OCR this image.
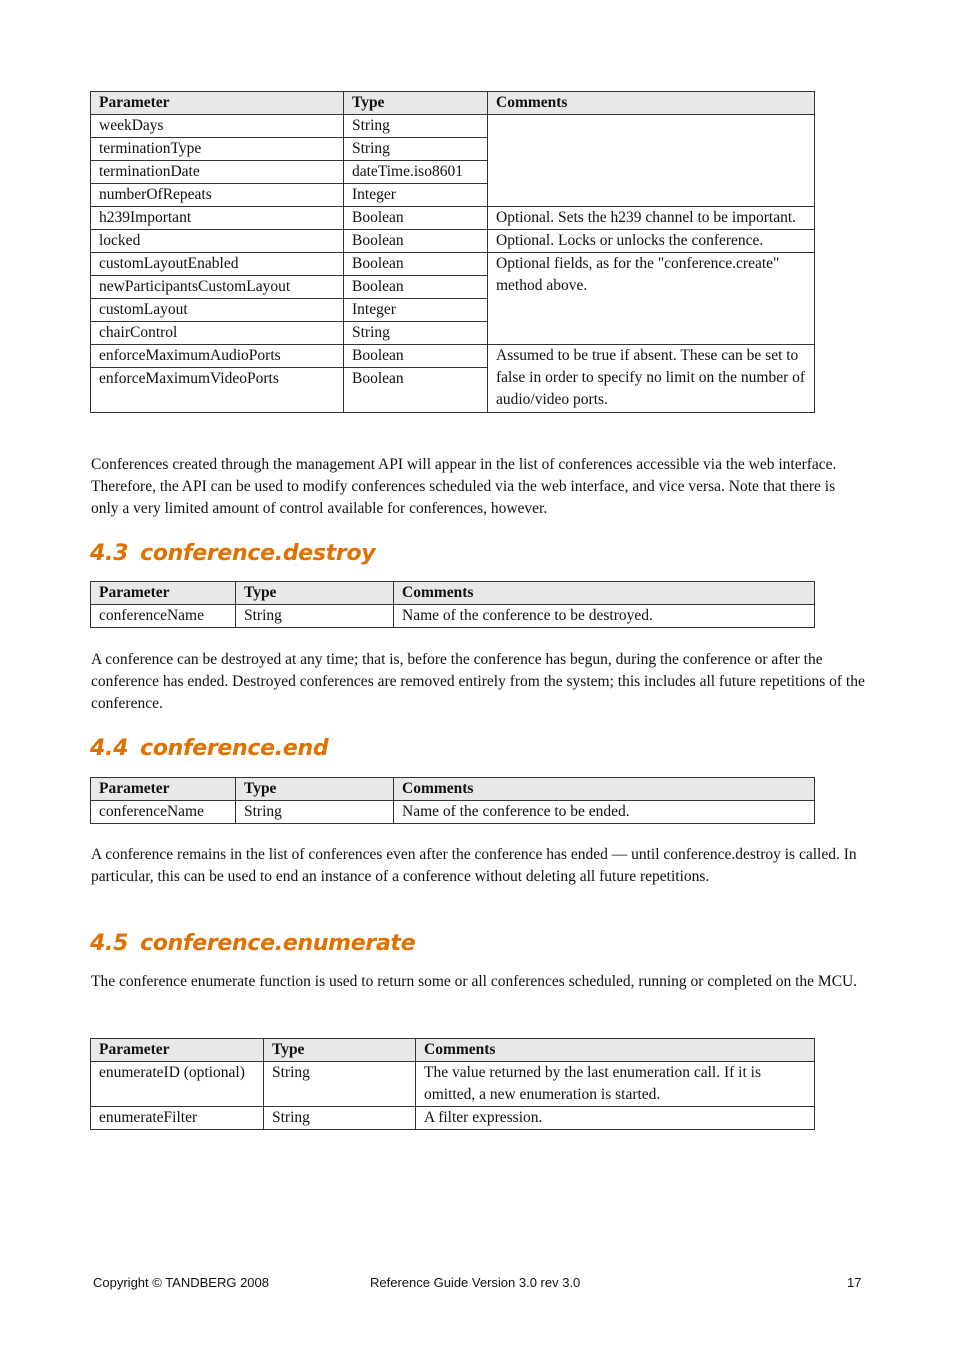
Parameter	Type	Comments
weekDays	String	
terminationType	String	
terminationDate	dateTime.iso8601	
numberOfRepeats	Integer	
h239Important	Boolean	Optional. Sets the h239 channel to be important.
locked	Boolean	Optional. Locks or unlocks the conference.
customLayoutEnabled	Boolean	Optional fields, as for the "conference.create" method above.
newParticipantsCustomLayout	Boolean	
customLayout	Integer	
chairControl	String	
enforceMaximumAudioPorts	Boolean	Assumed to be true if absent. These can be set to false in order to specify no limit on the number of audio/video ports.
enforceMaximumVideoPorts	Boolean	

Conferences created through the management API will appear in the list of conferences accessible via the web interface. Therefore, the API can be used to modify conferences scheduled via the web interface, and vice versa. Note that there is only a very limited amount of control available for conferences, however.

4.3 conference.destroy
Parameter	Type	Comments
conferenceName	String	Name of the conference to be destroyed.

A conference can be destroyed at any time; that is, before the conference has begun, during the conference or after the conference has ended. Destroyed conferences are removed entirely from the system; this includes all future repetitions of the conference.

4.4 conference.end
Parameter	Type	Comments
conferenceName	String	Name of the conference to be ended.

A conference remains in the list of conferences even after the conference has ended — until conference.destroy is called. In particular, this can be used to end an instance of a conference without deleting all future repetitions.

4.5 conference.enumerate

The conference enumerate function is used to return some or all conferences scheduled, running or completed on the MCU.

Parameter	Type	Comments
enumerateID (optional)	String	The value returned by the last enumeration call. If it is omitted, a new enumeration is started.
enumerateFilter	String	A filter expression.
Copyright © TANDBERG 2008	Reference Guide Version 3.0 rev 3.0	17
